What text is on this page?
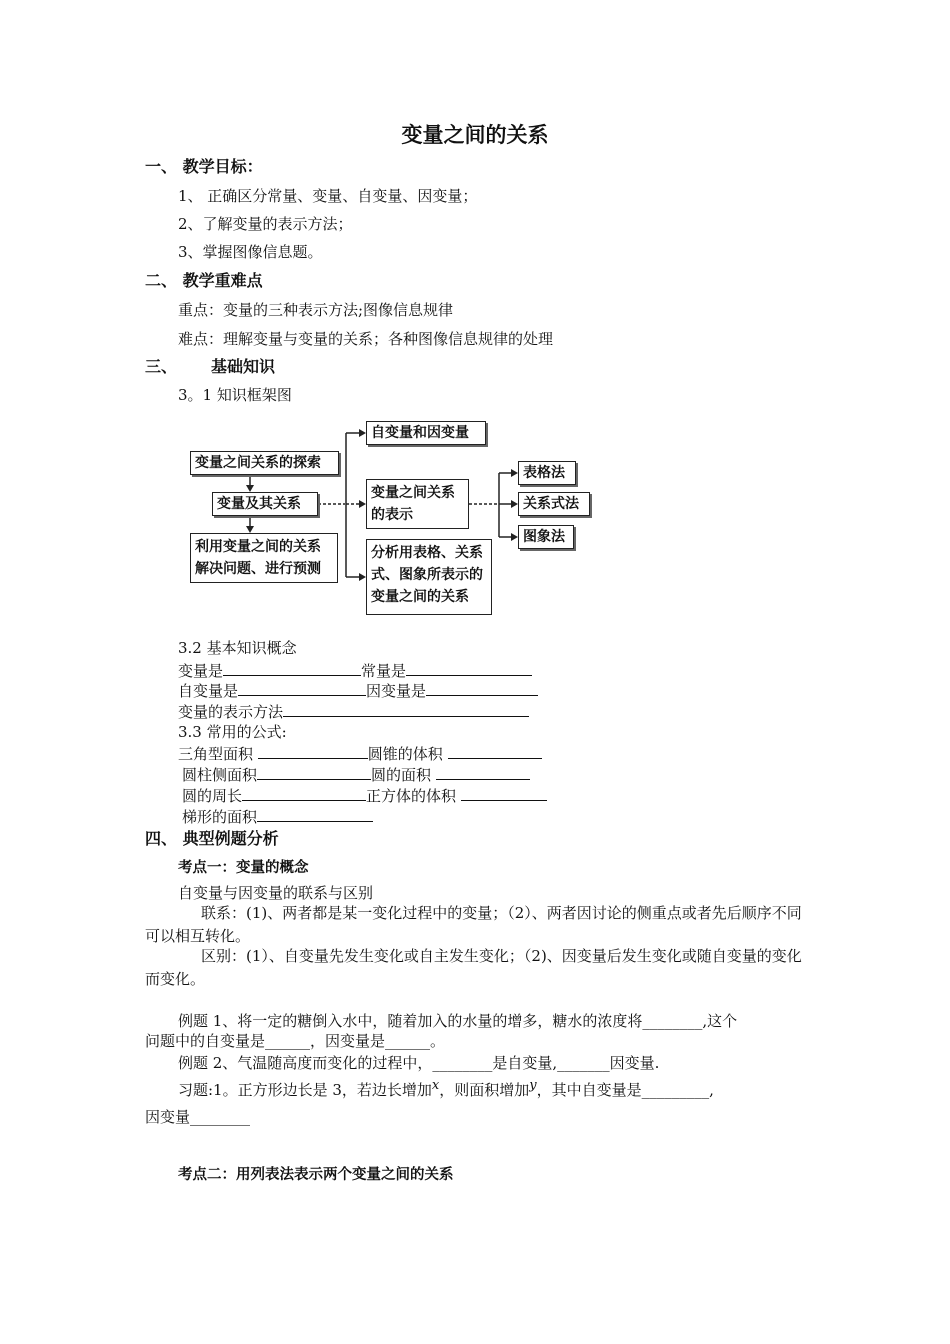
变量之间的关系
一、 教学目标：
1、 正确区分常量、变量、自变量、因变量；
2、了解变量的表示方法；
3、掌握图像信息题。
二、 教学重难点
重点：变量的三种表示方法;图像信息规律
难点：理解变量与变量的关系；各种图像信息规律的处理
三、 基础知识
3。1 知识框架图
变量之间关系的探索
变量及其关系
利用变量之间的关系
解决问题、进行预测
自变量和因变量
变量之间关系
的表示
分析用表格、关系
式、图象所表示的
变量之间的关系
表格法
关系式法
图象法
3.2 基本知识概念
变量是	常量是
自变量是	因变量是
变量的表示方法
3.3 常用的公式:
三角型面积	圆锥的体积
圆柱侧面积	圆的面积
圆的周长	正方体的体积
梯形的面积
四、 典型例题分析
考点一：变量的概念
自变量与因变量的联系与区别
联系：(1)、两者都是某一变化过程中的变量；（2）、两者因讨论的侧重点或者先后顺序不同可以相互转化。
区别：(1）、自变量先发生变化或自主发生变化；（2)、因变量后发生变化或随自变量的变化而变化。
例题 1、将一定的糖倒入水中，随着加入的水量的增多，糖水的浓度将________,这个
问题中的自变量是______，因变量是______。
例题 2、气温随高度而变化的过程中，________是自变量,_______因变量.
习题:1。正方形边长是 3，若边长增加x，则面积增加y，其中自变量是_________,
因变量________
考点二：用列表法表示两个变量之间的关系
